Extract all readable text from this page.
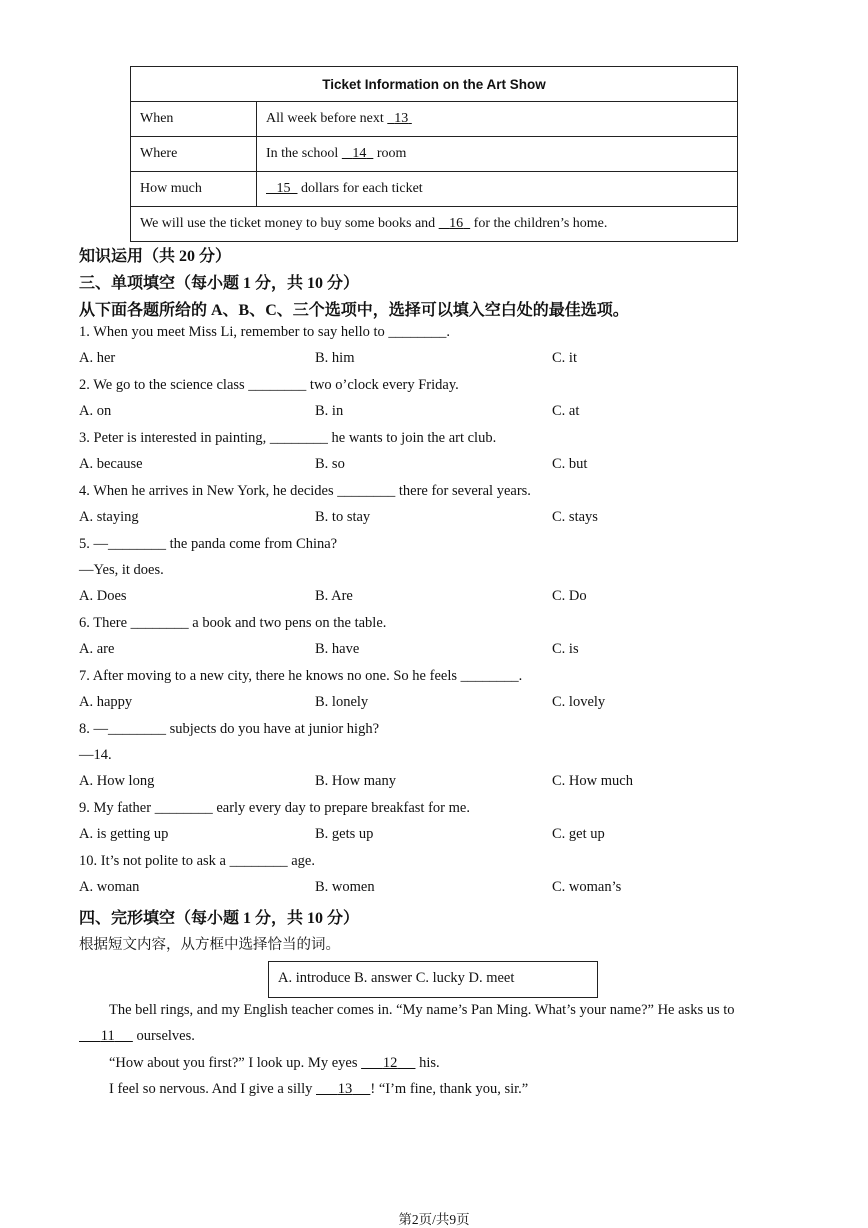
Ticket Information on the Art Show	
When	All week before next   13
Where	In the school    14   room
How much	15   dollars for each ticket
We will use the ticket money to buy some books and    16   for the children’s home.	
知识运用（共 20 分）
三、单项填空（每小题 1 分，共 10 分）
从下面各题所给的 A、B、C、三个选项中，选择可以填入空白处的最佳选项。
1. When you meet Miss Li, remember to say hello to ________.
A. her	B. him	C. it
2. We go to the science class ________ two o’clock every Friday.
A. on	B. in	C. at
3. Peter is interested in painting, ________ he wants to join the art club.
A. because	B. so	C. but
4. When he arrives in New York, he decides ________ there for several years.
A. staying	B. to stay	C. stays
5. —________ the panda come from China?
—Yes, it does.
A. Does	B. Are	C. Do
6. There ________ a book and two pens on the table.
A. are	B. have	C. is
7. After moving to a new city, there he knows no one. So he feels ________.
A. happy	B. lonely	C. lovely
8. —________ subjects do you have at junior high?
—14.
A. How long	B. How many	C. How much
9. My father ________ early every day to prepare breakfast for me.
A. is getting up	B. gets up	C. get up
10. It’s not polite to ask a ________ age.
A. woman	B. women	C. woman’s
四、完形填空（每小题 1 分，共 10 分）
根据短文内容，从方框中选择恰当的词。
A. introduce B. answer C. lucky D. meet
The bell rings, and my English teacher comes in. “My name’s Pan Ming. What’s your name?” He asks us to
11      ourselves.
“How about you first?” I look up. My eyes       12      his.
I feel so nervous. And I give a silly       13 ! “I’m fine, thank you, sir.”
第2页/共9页
